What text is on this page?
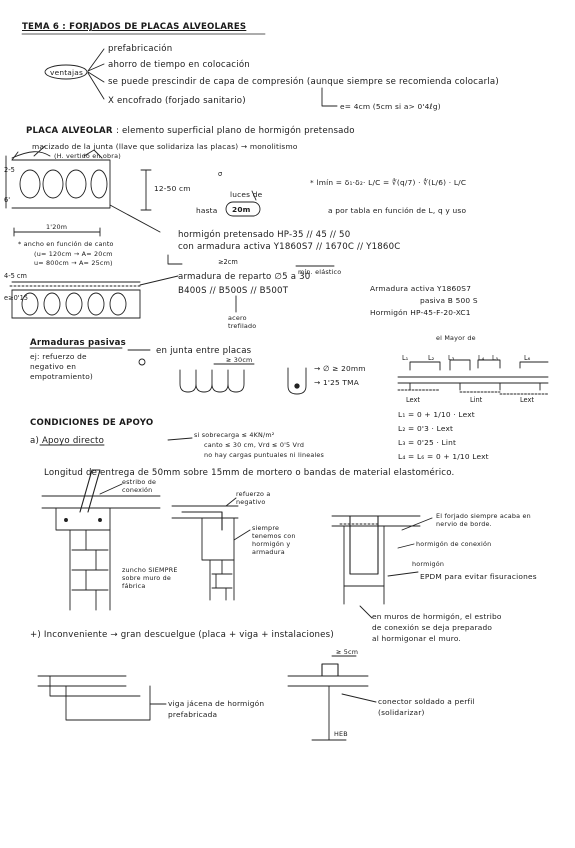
TEMA 6 : FORJADOS DE PLACAS ALVEOLARES
ventajas
prefabricación
ahorro de tiempo en colocación
se puede prescindir de capa de compresión (aunque siempre se recomienda colocarla)
X encofrado (forjado sanitario)
e= 4cm (5cm si a> 0'4ℓg)
PLACA ALVEOLAR : elemento superficial plano de hormigón pretensado
macizado de la junta (llave que solidariza las placas) → monolitismo
(H. vertido en obra)
12-50 cm
luces de
hasta 20m
* lmín = δ₁·δ₂· L/C = ∜(q/7) · ∜(L/6) · L/C
a por tabla en función de L, q y uso
1'20m
* ancho en función de canto
(u= 120cm → A= 20cm
u= 800cm → A= 25cm)
hormigón pretensado HP-35 // 45 // 50
con armadura activa Y1860S7 // 1670C // Y1860C
mín. elástico
armadura de reparto ∅5 a 30
B400S // B500S // B500T
acero trefilado
4-5 cm
e≥0'15
≥2cm
2-5
6'
σ
Armadura activa Y1860S7
pasiva B 500 S
Hormigón HP-45-F-20-XC1
Armaduras pasivas
ej: refuerzo de negativo en empotramiento)
en junta entre placas
≥ 30cm
→ ∅ ≥ 20mm
→ 1'25 TMA
el Mayor de
L₁	L₂ L₃	L₄ L₅	L₆
Lext	Lint	Lext
L₁ = 0 + 1/10 · Lext
L₂ = 0'3 · Lext
L₃ = 0'25 · Lint
L₄ = L₆ = 0 + 1/10 Lext
CONDICIONES DE APOYO
a) Apoyo directo
si sobrecarga ≤ 4KN/m²
canto ≤ 30 cm, Vrd ≤ 0'5 Vrd
no hay cargas puntuales ni lineales
Longitud de entrega de 50mm sobre 15mm de mortero o bandas de material elastomérico.
estribo de conexión
zuncho SIEMPRE sobre muro de fábrica
refuerzo a negativo
siempre tenemos con hormigón y armadura
El forjado siempre acaba en nervio de borde.
hormigón de conexión
hormigón
EPDM para evitar fisuraciones
en muros de hormigón, el estribo
de conexión se deja preparado
al hormigonar el muro.
+) Inconveniente → gran descuelgue (placa + viga + instalaciones)
viga jácena de hormigón prefabricada
≥ 5cm
conector soldado a perfil (solidarizar)
HEB
